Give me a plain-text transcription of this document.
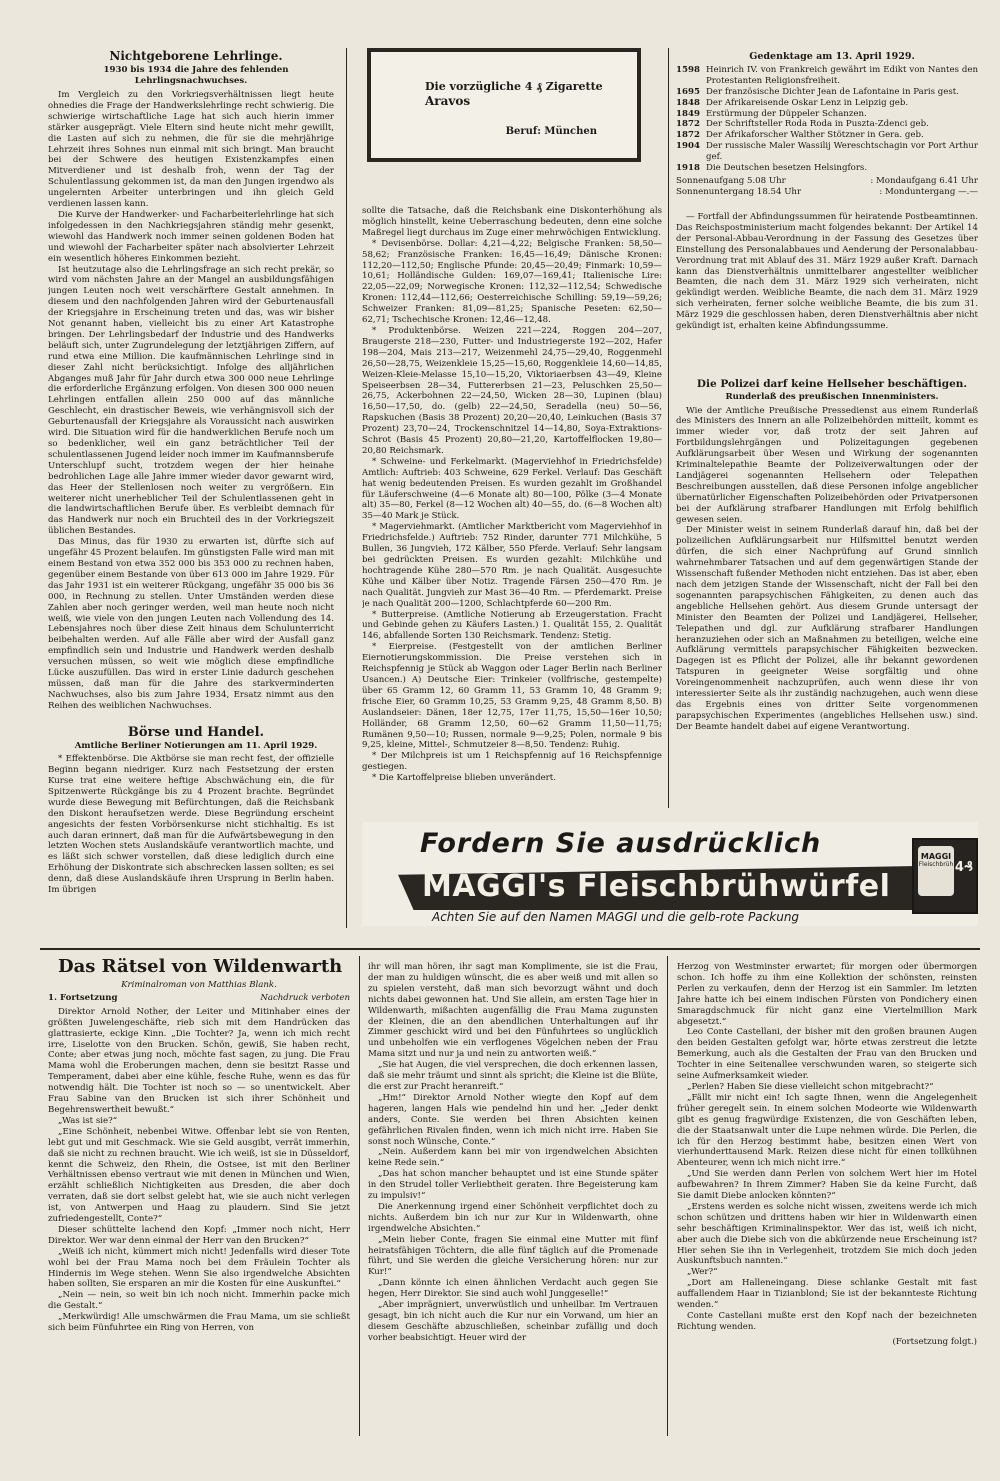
Nichtgeborene Lehrlinge.

1930 bis 1934 die Jahre des fehlenden Lehrlingsnachwuchses.

Im Vergleich zu den Vorkriegsverhältnissen liegt heute ohnedies die Frage der Handwerkslehrlinge recht schwierig. Die schwierige wirtschaftliche Lage hat sich auch hierin immer stärker ausgeprägt. Viele Eltern sind heute nicht mehr gewillt, die Lasten auf sich zu nehmen, die für sie die mehrjährige Lehrzeit ihres Sohnes nun einmal mit sich bringt. Man braucht bei der Schwere des heutigen Existenzkampfes einen Mitverdiener und ist deshalb froh, wenn der Tag der Schulentlassung gekommen ist, da man den Jungen irgendwo als ungelernten Arbeiter unterbringen und ihn gleich Geld verdienen lassen kann.

Die Kurve der Handwerker- und Facharbeiterlehrlinge hat sich infolgedessen in den Nachkriegsjahren ständig mehr gesenkt, wiewohl das Handwerk noch immer seinen goldenen Boden hat und wiewohl der Facharbeiter später nach absolvierter Lehrzeit ein wesentlich höheres Einkommen bezieht.

Ist heutzutage also die Lehrlingsfrage an sich recht prekär, so wird vom nächsten Jahre an der Mangel an ausbildungsfähigen jungen Leuten noch weit verschärftere Gestalt annehmen. In diesem und den nachfolgenden Jahren wird der Geburtenausfall der Kriegsjahre in Erscheinung treten und das, was wir bisher Not genannt haben, vielleicht bis zu einer Art Katastrophe bringen. Der Lehrlingsbedarf der Industrie und des Handwerks beläuft sich, unter Zugrundelegung der letztjährigen Ziffern, auf rund etwa eine Million. Die kaufmännischen Lehrlinge sind in dieser Zahl nicht berücksichtigt. Infolge des alljährlichen Abganges muß Jahr für Jahr durch etwa 300 000 neue Lehrlinge die erforderliche Ergänzung erfolgen. Von diesen 300 000 neuen Lehrlingen entfallen allein 250 000 auf das männliche Geschlecht, ein drastischer Beweis, wie verhängnisvoll sich der Geburtenausfall der Kriegsjahre als Voraussicht nach auswirken wird. Die Situation wird für die handwerklichen Berufe noch um so bedenklicher, weil ein ganz beträchtlicher Teil der schulentlassenen Jugend leider noch immer im Kaufmannsberufe Unterschlupf sucht, trotzdem wegen der hier heinahe bedrohlichen Lage alle Jahre immer wieder davor gewarnt wird, das Heer der Stellenlosen noch weiter zu vergrößern. Ein weiterer nicht unerheblicher Teil der Schulentlassenen geht in die landwirtschaftlichen Berufe über. Es verbleibt demnach für das Handwerk nur noch ein Bruchteil des in der Vorkriegszeit üblichen Bestandes.

Das Minus, das für 1930 zu erwarten ist, dürfte sich auf ungefähr 45 Prozent belaufen. Im günstigsten Falle wird man mit einem Bestand von etwa 352 000 bis 353 000 zu rechnen haben, gegenüber einem Bestande von über 613 000 im Jahre 1929. Für das Jahr 1931 ist ein weiterer Rückgang, ungefähr 35 000 bis 36 000, in Rechnung zu stellen. Unter Umständen werden diese Zahlen aber noch geringer werden, weil man heute noch nicht weiß, wie viele von den jungen Leuten nach Vollendung des 14. Lebensjahres noch über diese Zeit hinaus dem Schulunterricht beibehalten werden. Auf alle Fälle aber wird der Ausfall ganz empfindlich sein und Industrie und Handwerk werden deshalb versuchen müssen, so weit wie möglich diese empfindliche Lücke auszufüllen. Das wird in erster Linie dadurch geschehen müssen, daß man für die Jahre des starkverminderten Nachwuchses, also bis zum Jahre 1934, Ersatz nimmt aus den Reihen des weiblichen Nachwuchses.

Börse und Handel.

Amtliche Berliner Notierungen am 11. April 1929.

* Effektenbörse. Die Aktbörse sie man recht fest, der offizielle Beginn begann niedriger. Kurz nach Festsetzung der ersten Kurse trat eine weitere heftige Abschwächung ein, die für Spitzenwerte Rückgänge bis zu 4 Prozent brachte. Begründet wurde diese Bewegung mit Befürchtungen, daß die Reichsbank den Diskont heraufsetzen werde. Diese Begründung erscheint angesichts der festen Vorbörsenkurse nicht stichhaltig. Es ist auch daran erinnert, daß man für die Aufwärtsbewegung in den letzten Wochen stets Auslandskäufe verantwortlich machte, und es läßt sich schwer vorstellen, daß diese lediglich durch eine Erhöhung der Diskontrate sich abschrecken lassen sollten; es sei denn, daß diese Auslandskäufe ihren Ursprung in Berlin haben. Im übrigen

Die vorzügliche 4 ₰ Zigarette
Aravos
Beruf: München

sollte die Tatsache, daß die Reichsbank eine Diskonterhöhung als möglich hinstellt, keine Ueberraschung bedeuten, denn eine solche Maßregel liegt durchaus im Zuge einer mehrwöchigen Entwicklung.

* Devisenbörse. Dollar: 4,21—4,22; Belgische Franken: 58,50—58,62; Französische Franken: 16,45—16,49; Dänische Kronen: 112,20—112,50; Englische Pfunde: 20,45—20,49; Finmark: 10,59—10,61; Holländische Gulden: 169,07—169,41; Italienische Lire: 22,05—22,09; Norwegische Kronen: 112,32—112,54; Schwedische Kronen: 112,44—112,66; Oesterreichische Schilling: 59,19—59,26; Schweizer Franken: 81,09—81,25; Spanische Peseten: 62,50—62,71; Tschechische Kronen: 12,46—12,48.

* Produktenbörse. Weizen 221—224, Roggen 204—207, Braugerste 218—230, Futter- und Industriegerste 192—202, Hafer 198—204, Mais 213—217, Weizenmehl 24,75—29,40, Roggenmehl 26,50—28,75, Weizenkleie 15,25—15,60, Roggenkleie 14,60—14,85, Weizen-Kleie-Melasse 15,10—15,20, Viktoriaerbsen 43—49, Kleine Speiseerbsen 28—34, Futtererbsen 21—23, Peluschken 25,50—26,75, Ackerbohnen 22—24,50, Wicken 28—30, Lupinen (blau) 16,50—17,50, do. (gelb) 22—24,50, Seradella (neu) 50—56, Rapskuchen (Basis 38 Prozent) 20,20—20,40, Leinkuchen (Basis 37 Prozent) 23,70—24, Trockenschnitzel 14—14,80, Soya-Extraktions-Schrot (Basis 45 Prozent) 20,80—21,20, Kartoffelflocken 19,80—20,80 Reichsmark.

* Schweine- und Ferkelmarkt. (Magerviehhof in Friedrichsfelde) Amtlich: Auftrieb: 403 Schweine, 629 Ferkel. Verlauf: Das Geschäft hat wenig bedeutenden Preisen. Es wurden gezahlt im Großhandel für Läuferschweine (4—6 Monate alt) 80—100, Pölke (3—4 Monate alt) 35—80, Ferkel (8—12 Wochen alt) 40—55, do. (6—8 Wochen alt) 35—40 Mark je Stück.

* Magerviehmarkt. (Amtlicher Marktbericht vom Magerviehhof in Friedrichsfelde.) Auftrieb: 752 Rinder, darunter 771 Milchkühe, 5 Bullen, 36 Jungvieh, 172 Kälber, 550 Pferde. Verlauf: Sehr langsam bei gedrückten Preisen. Es wurden gezahlt: Milchkühe und hochtragende Kühe 280—570 Rm. je nach Qualität. Ausgesuchte Kühe und Kälber über Notiz. Tragende Färsen 250—470 Rm. je nach Qualität. Jungvieh zur Mast 36—40 Rm. — Pferdemarkt. Preise je nach Qualität 200—1200, Schlachtpferde 60—200 Rm.

* Butterpreise. (Amtliche Notierung ab Erzeugerstation. Fracht und Gebinde gehen zu Käufers Lasten.) 1. Qualität 155, 2. Qualität 146, abfallende Sorten 130 Reichsmark. Tendenz: Stetig.

* Eierpreise. (Festgestellt von der amtlichen Berliner Eiernotierungskommission. Die Preise verstehen sich in Reichspfennig je Stück ab Waggon oder Lager Berlin nach Berliner Usancen.) A) Deutsche Eier: Trinkeier (vollfrische, gestempelte) über 65 Gramm 12, 60 Gramm 11, 53 Gramm 10, 48 Gramm 9; frische Eier, 60 Gramm 10,25, 53 Gramm 9,25, 48 Gramm 8,50. B) Auslandseier: Dänen, 18er 12,75, 17er 11,75, 15,50—16er 10,50; Holländer, 68 Gramm 12,50, 60—62 Gramm 11,50—11,75; Rumänen 9,50—10; Russen, normale 9—9,25; Polen, normale 9 bis 9,25, kleine, Mittel-, Schmutzeier 8—8,50. Tendenz: Ruhig.

* Der Milchpreis ist um 1 Reichspfennig auf 16 Reichspfennige gestiegen.

* Die Kartoffelpreise blieben unverändert.

Gedenktage am 13. April 1929.

1598 Heinrich IV. von Frankreich gewährt im Edikt von Nantes den Protestanten Religionsfreiheit.
1695 Der französische Dichter Jean de Lafontaine in Paris gest.
1848 Der Afrikareisende Oskar Lenz in Leipzig geb.
1849 Erstürmung der Düppeler Schanzen.
1872 Der Schriftsteller Roda Roda in Puszta-Zdenci geb.
1872 Der Afrikaforscher Walther Stötzner in Gera. geb.
1904 Der russische Maler Wassilij Wereschtschagin vor Port Arthur gef.
1918 Die Deutschen besetzen Helsingfors.
Sonnenaufgang 5.08 Uhr	: Mondaufgang 6.41 Uhr
Sonnenuntergang 18.54 Uhr	: Monduntergang —.—

— Fortfall der Abfindungssummen für heiratende Postbeamtinnen. Das Reichspostministerium macht folgendes bekannt: Der Artikel 14 der Personal-Abbau-Verordnung in der Fassung des Gesetzes über Einstellung des Personalabbaues und Aenderung der Personalabbau-Verordnung trat mit Ablauf des 31. März 1929 außer Kraft. Darnach kann das Dienstverhältnis unmittelbarer angestellter weiblicher Beamten, die nach dem 31. März 1929 sich verheiraten, nicht gekündigt werden. Weibliche Beamte, die nach dem 31. März 1929 sich verheiraten, ferner solche weibliche Beamte, die bis zum 31. März 1929 die geschlossen haben, deren Dienstverhältnis aber nicht gekündigt ist, erhalten keine Abfindungssumme.

Die Polizei darf keine Hellseher beschäftigen.

Runderlaß des preußischen Innenministers.

Wie der Amtliche Preußische Pressedienst aus einem Runderlaß des Ministers des Innern an alle Polizeibehörden mitteilt, kommt es immer wieder vor, daß trotz der seit Jahren auf Fortbildungslehrgängen und Polizeitagungen gegebenen Aufklärungsarbeit über Wesen und Wirkung der sogenannten Kriminaltelepathie Beamte der Polizeiverwaltungen oder der Landjägerei sogenannten Hellsehern oder Telepathen Beschreibungen ausstellen, daß diese Personen infolge angeblicher übernatürlicher Eigenschaften Polizeibehörden oder Privatpersonen bei der Aufklärung strafbarer Handlungen mit Erfolg behilflich gewesen seien.

Der Minister weist in seinem Runderlaß darauf hin, daß bei der polizeilichen Aufklärungsarbeit nur Hilfsmittel benutzt werden dürfen, die sich einer Nachprüfung auf Grund sinnlich wahrnehmbarer Tatsachen und auf dem gegenwärtigen Stande der Wissenschaft fußender Methoden nicht entziehen. Das ist aber, eben nach dem jetzigen Stande der Wissenschaft, nicht der Fall bei den sogenannten parapsychischen Fähigkeiten, zu denen auch das angebliche Hellsehen gehört. Aus diesem Grunde untersagt der Minister den Beamten der Polizei und Landjägerei, Hellseher, Telepathen und dgl. zur Aufklärung strafbarer Handlungen heranzuziehen oder sich an Maßnahmen zu beteiligen, welche eine Aufklärung vermittels parapsychischer Fähigkeiten bezwecken. Dagegen ist es Pflicht der Polizei, alle ihr bekannt gewordenen Tatspuren in geeigneter Weise sorgfältig und ohne Voreingenommenheit nachzuprüfen, auch wenn diese ihr von interessierter Seite als ihr zuständig nachzugehen, auch wenn diese das Ergebnis eines von dritter Seite vorgenommenen parapsychischen Experimentes (angebliches Hellsehen usw.) sind. Der Beamte handelt dabei auf eigene Verantwortung.

Fordern Sie ausdrücklich
MAGGI's Fleischbrühwürfel
Achten Sie auf den Namen MAGGI und die gelb-rote Packung
MAGGI
Fleischbrüh 4₰

Das Rätsel von Wildenwarth

Kriminalroman von Matthias Blank.

1. Fortsetzung	Nachdruck verboten

Direktor Arnold Nother, der Leiter und Mitinhaber eines der größten Juwelengeschäfte, rieb sich mit dem Handrücken das glattrasierte, eckige Kinn. „Die Tochter? Ja, wenn ich mich recht irre, Liselotte von den Brucken. Schön, gewiß, Sie haben recht, Conte; aber etwas jung noch, möchte fast sagen, zu jung. Die Frau Mama wohl die Eroberungen machen, denn sie besitzt Rasse und Temperament, dabei aber eine kühle, fesche Ruhe, wenn es das für notwendig hält. Die Tochter ist noch so — so unentwickelt. Aber Frau Sabine van den Brucken ist sich ihrer Schönheit und Begehrenswertheit bewußt.“

„Was ist sie?“

„Eine Schönheit, nebenbei Witwe. Offenbar lebt sie von Renten, lebt gut und mit Geschmack. Wie sie Geld ausgibt, verrät immerhin, daß sie nicht zu rechnen braucht. Wie ich weiß, ist sie in Düsseldorf, kennt die Schweiz, den Rhein, die Ostsee, ist mit den Berliner Verhältnissen ebenso vertraut wie mit denen in München und Wien, erzählt schließlich Nichtigkeiten aus Dresden, die aber doch verraten, daß sie dort selbst gelebt hat, wie sie auch nicht verlegen ist, von Antwerpen und Haag zu plaudern. Sind Sie jetzt zufriedengestellt, Conte?“

Dieser schüttelte lachend den Kopf: „Immer noch nicht, Herr Direktor. Wer war denn einmal der Herr van den Brucken?“

„Weiß ich nicht, kümmert mich nicht! Jedenfalls wird dieser Tote wohl bei der Frau Mama noch bei dem Fräulein Tochter als Hindernis im Wege stehen. Wenn Sie also irgendwelche Absichten haben sollten, Sie ersparen an mir die Kosten für eine Auskunftei.“

„Nein — nein, so weit bin ich noch nicht. Immerhin packe mich die Gestalt.“

„Merkwürdig! Alle umschwärmen die Frau Mama, um sie schließt sich beim Fünfuhrtee ein Ring von Herren, von

ihr will man hören, ihr sagt man Komplimente, sie ist die Frau, der man zu huldigen wünscht, die es aber weiß und mit allen so zu spielen versteht, daß man sich bevorzugt wähnt und doch nichts dabei gewonnen hat. Und Sie allein, am ersten Tage hier in Wildenwarth, mißachten augenfällig die Frau Mama zugunsten der Kleinen, die an den abendlichen Unterhaltungen auf ihr Zimmer geschickt wird und bei den Fünfuhrtees so unglücklich und unbeholfen wie ein verflogenes Vögelchen neben der Frau Mama sitzt und nur ja und nein zu antworten weiß.“

„Sie hat Augen, die viel versprechen, die doch erkennen lassen, daß sie mehr träumt und sinnt als spricht; die Kleine ist die Blüte, die erst zur Pracht heranreift.“

„Hm!“ Direktor Arnold Nother wiegte den Kopf auf dem hageren, langen Hals wie pendelnd hin und her. „Jeder denkt anders, Conte. Sie werden bei Ihren Absichten keinen gefährlichen Rivalen finden, wenn ich mich nicht irre. Haben Sie sonst noch Wünsche, Conte.“

„Nein. Außerdem kann bei mir von irgendwelchen Absichten keine Rede sein.“

„Das hat schon mancher behauptet und ist eine Stunde später in den Strudel toller Verliebtheit geraten. Ihre Begeisterung kam zu impulsiv!“

Die Anerkennung irgend einer Schönheit verpflichtet doch zu nichts. Außerdem bin ich nur zur Kur in Wildenwarth, ohne irgendwelche Absichten.“

„Mein lieber Conte, fragen Sie einmal eine Mutter mit fünf heiratsfähigen Töchtern, die alle fünf täglich auf die Promenade führt, und Sie werden die gleiche Versicherung hören: nur zur Kur!“

„Dann könnte ich einen ähnlichen Verdacht auch gegen Sie hegen, Herr Direktor. Sie sind auch wohl Junggeselle!“

„Aber imprägniert, unverwüstlich und unheilbar. Im Vertrauen gesagt, bin ich nicht auch die Kur nur ein Vorwand, um hier an diesem Geschäfte abzuschließen, scheinbar zufällig und doch vorher beabsichtigt. Heuer wird der

Herzog von Westminster erwartet; für morgen oder übermorgen schon. Ich hoffe zu ihm eine Kollektion der schönsten, reinsten Perlen zu verkaufen, denn der Herzog ist ein Sammler. Im letzten Jahre hatte ich bei einem indischen Fürsten von Pondichery einen Smaragdschmuck für nicht ganz eine Viertelmillion Mark abgesetzt.“

Leo Conte Castellani, der bisher mit den großen braunen Augen den beiden Gestalten gefolgt war, hörte etwas zerstreut die letzte Bemerkung, auch als die Gestalten der Frau van den Brucken und Tochter in eine Seitenallee verschwunden waren, so steigerte sich seine Aufmerksamkeit wieder.

„Perlen? Haben Sie diese vielleicht schon mitgebracht?“

„Fällt mir nicht ein! Ich sagte Ihnen, wenn die Angelegenheit früher geregelt sein. In einem solchen Modeorte wie Wildenwarth gibt es genug fragwürdige Existenzen, die von Geschäften leben, die der Staatsanwalt unter die Lupe nehmen würde. Die Perlen, die ich für den Herzog bestimmt habe, besitzen einen Wert von vierhunderttausend Mark. Reizen diese nicht für einen tollkühnen Abenteurer, wenn ich mich nicht irre.“

„Und Sie werden dann Perlen von solchem Wert hier im Hotel aufbewahren? In Ihrem Zimmer? Haben Sie da keine Furcht, daß Sie damit Diebe anlocken könnten?“

„Erstens werden es solche nicht wissen, zweitens werde ich mich schon schützen und drittens haben wir hier in Wildenwarth einen sehr beschäftigen Kriminalinspektor. Wer das ist, weiß ich nicht, aber auch die Diebe sich von die abkürzende neue Erscheinung ist? Hier sehen Sie ihn in Verlegenheit, trotzdem Sie mich doch jeden Auskunftsbuch nannten.“

„Wer?“

„Dort am Halleneingang. Diese schlanke Gestalt mit fast auffallendem Haar in Tizianblond; Sie ist der bekannteste Richtung wenden.“

Conte Castellani mußte erst den Kopf nach der bezeichneten Richtung wenden.

(Fortsetzung folgt.)
